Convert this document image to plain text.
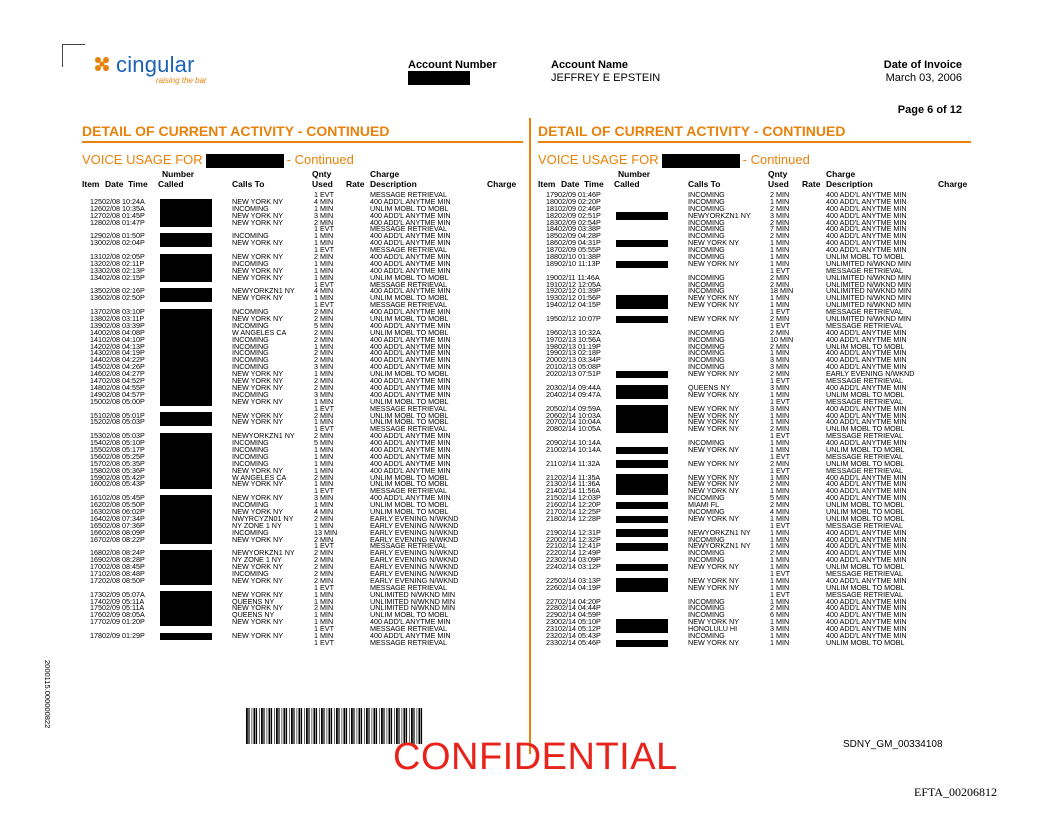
cingular
raising the bar
Account Number	Account Name
JEFFREY E EPSTEIN
Date of Invoice
March 03, 2006
Page 6 of 12
DETAIL OF CURRENT ACTIVITY - CONTINUED	DETAIL OF CURRENT ACTIVITY - CONTINUED
VOICE USAGE FOR	- Continued	VOICE USAGE FOR	- Continued
Number	Qnty	Charge
Item Date Time Called	Calls To	Used Rate Description	Charge
Number	Qnty	Charge
Item Date Time Called	Calls To	Used Rate Description	Charge
1 EVT	MESSAGE RETRIEVAL
125 02/08 10:24A	NEW YORK NY	4 MIN	400 ADD'L ANYTME MIN
126 02/08 10:35A	INCOMING	1 MIN	UNLIM MOBL TO MOBL
127 02/08 01:45P	NEW YORK NY	3 MIN	400 ADD'L ANYTME MIN
128 02/08 01:47P	NEW YORK NY	2 MIN	400 ADD'L ANYTME MIN
1 EVT	MESSAGE RETRIEVAL
129 02/08 01:50P	INCOMING	1 MIN	400 ADD'L ANYTME MIN
130 02/08 02:04P	NEW YORK NY	1 MIN	400 ADD'L ANYTME MIN
1 EVT	MESSAGE RETRIEVAL
131 02/08 02:05P	NEW YORK NY	2 MIN	400 ADD'L ANYTME MIN
132 02/08 02:11P	INCOMING	1 MIN	400 ADD'L ANYTME MIN
133 02/08 02:13P	NEW YORK NY	1 MIN	400 ADD'L ANYTME MIN
134 02/08 02:15P	NEW YORK NY	1 MIN	UNLIM MOBL TO MOBL
1 EVT	MESSAGE RETRIEVAL
135 02/08 02:16P	NEWYORKZN1 NY	4 MIN	400 ADD'L ANYTME MIN
136 02/08 02:50P	NEW YORK NY	1 MIN	UNLIM MOBL TO MOBL
1 EVT	MESSAGE RETRIEVAL
137 02/08 03:10P	INCOMING	2 MIN	400 ADD'L ANYTME MIN
138 02/08 03:11P	NEW YORK NY	2 MIN	UNLIM MOBL TO MOBL
139 02/08 03:39P	INCOMING	5 MIN	400 ADD'L ANYTME MIN
140 02/08 04:08P	W ANGELES CA	2 MIN	UNLIM MOBL TO MOBL
141 02/08 04:10P	INCOMING	2 MIN	400 ADD'L ANYTME MIN
142 02/08 04:13P	INCOMING	1 MIN	400 ADD'L ANYTME MIN
143 02/08 04:19P	INCOMING	2 MIN	400 ADD'L ANYTME MIN
144 02/08 04:22P	INCOMING	2 MIN	400 ADD'L ANYTME MIN
145 02/08 04:26P	INCOMING	3 MIN	400 ADD'L ANYTME MIN
146 02/08 04:27P	NEW YORK NY	1 MIN	UNLIM MOBL TO MOBL
147 02/08 04:52P	NEW YORK NY	2 MIN	400 ADD'L ANYTME MIN
148 02/08 04:55P	NEW YORK NY	2 MIN	400 ADD'L ANYTME MIN
149 02/08 04:57P	INCOMING	3 MIN	400 ADD'L ANYTME MIN
150 02/08 05:00P	NEW YORK NY	1 MIN	UNLIM MOBL TO MOBL
1 EVT	MESSAGE RETRIEVAL
151 02/08 05:01P	NEW YORK NY	2 MIN	UNLIM MOBL TO MOBL
152 02/08 05:03P	NEW YORK NY	1 MIN	UNLIM MOBL TO MOBL
1 EVT	MESSAGE RETRIEVAL
153 02/08 05:03P	NEWYORKZN1 NY	2 MIN	400 ADD'L ANYTME MIN
154 02/08 05:10P	INCOMING	5 MIN	400 ADD'L ANYTME MIN
155 02/08 05:17P	INCOMING	1 MIN	400 ADD'L ANYTME MIN
156 02/08 05:25P	INCOMING	1 MIN	400 ADD'L ANYTME MIN
157 02/08 05:35P	INCOMING	1 MIN	400 ADD'L ANYTME MIN
158 02/08 05:36P	NEW YORK NY	1 MIN	400 ADD'L ANYTME MIN
159 02/08 05:42P	W ANGELES CA	2 MIN	UNLIM MOBL TO MOBL
160 02/08 05:43P	NEW YORK NY	1 MIN	UNLIM MOBL TO MOBL
1 EVT	MESSAGE RETRIEVAL
161 02/08 05:45P	NEW YORK NY	3 MIN	400 ADD'L ANYTME MIN
162 02/08 05:50P	INCOMING	1 MIN	UNLIM MOBL TO MOBL
163 02/08 06:02P	NEW YORK NY	4 MIN	UNLIM MOBL TO MOBL
164 02/08 07:34P	NWYRCYZN01 NY	2 MIN	EARLY EVENING N/WKND
165 02/08 07:36P	NY ZONE 1 NY	1 MIN	EARLY EVENING N/WKND
166 02/08 08:09P	INCOMING	13 MIN	EARLY EVENING N/WKND
167 02/08 08:22P	NEW YORK NY	2 MIN	EARLY EVENING N/WKND
1 EVT	MESSAGE RETRIEVAL
168 02/08 08:24P	NEWYORKZN1 NY	2 MIN	EARLY EVENING N/WKND
169 02/08 08:28P	NY ZONE 1 NY	2 MIN	EARLY EVENING N/WKND
170 02/08 08:45P	NEW YORK NY	2 MIN	EARLY EVENING N/WKND
171 02/08 08:48P	INCOMING	2 MIN	EARLY EVENING N/WKND
172 02/08 08:50P	NEW YORK NY	2 MIN	EARLY EVENING N/WKND
1 EVT	MESSAGE RETRIEVAL
173 02/09 05:07A	NEW YORK NY	1 MIN	UNLIMITED N/WKND MIN
174 02/09 05:11A	QUEENS NY	1 MIN	UNLIMITED N/WKND MIN
175 02/09 05:11A	NEW YORK NY	2 MIN	UNLIMITED N/WKND MIN
176 02/09 08:05A	QUEENS NY	1 MIN	UNLIM MOBL TO MOBL
177 02/09 01:20P	NEW YORK NY	1 MIN	400 ADD'L ANYTME MIN
1 EVT	MESSAGE RETRIEVAL
178 02/09 01:29P	NEW YORK NY	1 MIN	400 ADD'L ANYTME MIN
1 EVT	MESSAGE RETRIEVAL
179 02/09 01:46P	INCOMING	2 MIN	400 ADD'L ANYTME MIN
180 02/09 02:20P	INCOMING	1 MIN	400 ADD'L ANYTME MIN
181 02/09 02:46P	INCOMING	2 MIN	400 ADD'L ANYTME MIN
182 02/09 02:51P	NEWYORKZN1 NY	3 MIN	400 ADD'L ANYTME MIN
183 02/09 02:54P	INCOMING	2 MIN	400 ADD'L ANYTME MIN
184 02/09 03:38P	INCOMING	7 MIN	400 ADD'L ANYTME MIN
185 02/09 04:28P	INCOMING	2 MIN	400 ADD'L ANYTME MIN
186 02/09 04:31P	NEW YORK NY	1 MIN	400 ADD'L ANYTME MIN
187 02/09 05:55P	INCOMING	1 MIN	400 ADD'L ANYTME MIN
188 02/10 01:38P	INCOMING	1 MIN	UNLIM MOBL TO MOBL
189 02/10 11:13P	NEW YORK NY	1 MIN	UNLIMITED N/WKND MIN
1 EVT	MESSAGE RETRIEVAL
190 02/11 11:46A	INCOMING	2 MIN	UNLIMITED N/WKND MIN
191 02/12 12:05A	INCOMING	2 MIN	UNLIMITED N/WKND MIN
192 02/12 01:39P	INCOMING	18 MIN	UNLIMITED N/WKND MIN
193 02/12 01:56P	NEW YORK NY	1 MIN	UNLIMITED N/WKND MIN
194 02/12 04:15P	NEW YORK NY	1 MIN	UNLIMITED N/WKND MIN
1 EVT	MESSAGE RETRIEVAL
195 02/12 10:07P	NEW YORK NY	2 MIN	UNLIMITED N/WKND MIN
1 EVT	MESSAGE RETRIEVAL
196 02/13 10:32A	INCOMING	2 MIN	400 ADD'L ANYTME MIN
197 02/13 10:56A	INCOMING	10 MIN	400 ADD'L ANYTME MIN
198 02/13 01:19P	INCOMING	2 MIN	UNLIM MOBL TO MOBL
199 02/13 02:18P	INCOMING	1 MIN	400 ADD'L ANYTME MIN
200 02/13 03:34P	INCOMING	3 MIN	400 ADD'L ANYTME MIN
201 02/13 05:08P	INCOMING	3 MIN	400 ADD'L ANYTME MIN
202 02/13 07:51P	NEW YORK NY	2 MIN	EARLY EVENING N/WKND
1 EVT	MESSAGE RETRIEVAL
203 02/14 09:44A	QUEENS NY	3 MIN	400 ADD'L ANYTME MIN
204 02/14 09:47A	NEW YORK NY	1 MIN	UNLIM MOBL TO MOBL
1 EVT	MESSAGE RETRIEVAL
205 02/14 09:59A	NEW YORK NY	3 MIN	400 ADD'L ANYTME MIN
206 02/14 10:03A	NEW YORK NY	1 MIN	400 ADD'L ANYTME MIN
207 02/14 10:04A	NEW YORK NY	1 MIN	400 ADD'L ANYTME MIN
208 02/14 10:05A	NEW YORK NY	2 MIN	UNLIM MOBL TO MOBL
1 EVT	MESSAGE RETRIEVAL
209 02/14 10:14A	INCOMING	1 MIN	400 ADD'L ANYTME MIN
210 02/14 10:14A	NEW YORK NY	1 MIN	UNLIM MOBL TO MOBL
1 EVT	MESSAGE RETRIEVAL
211 02/14 11:32A	NEW YORK NY	2 MIN	UNLIM MOBL TO MOBL
1 EVT	MESSAGE RETRIEVAL
212 02/14 11:35A	NEW YORK NY	1 MIN	400 ADD'L ANYTME MIN
213 02/14 11:36A	NEW YORK NY	2 MIN	400 ADD'L ANYTME MIN
214 02/14 11:56A	NEW YORK NY	1 MIN	400 ADD'L ANYTME MIN
215 02/14 12:03P	INCOMING	5 MIN	400 ADD'L ANYTME MIN
216 02/14 12:20P	MIAMI FL	2 MIN	UNLIM MOBL TO MOBL
217 02/14 12:25P	INCOMING	4 MIN	UNLIM MOBL TO MOBL
218 02/14 12:28P	NEW YORK NY	1 MIN	UNLIM MOBL TO MOBL
1 EVT	MESSAGE RETRIEVAL
219 02/14 12:31P	NEWYORKZN1 NY	1 MIN	400 ADD'L ANYTME MIN
220 02/14 12:32P	INCOMING	1 MIN	400 ADD'L ANYTME MIN
221 02/14 12:41P	NEWYORKZN1 NY	1 MIN	400 ADD'L ANYTME MIN
222 02/14 12:49P	INCOMING	2 MIN	400 ADD'L ANYTME MIN
223 02/14 03:09P	INCOMING	1 MIN	400 ADD'L ANYTME MIN
224 02/14 03:12P	NEW YORK NY	1 MIN	UNLIM MOBL TO MOBL
1 EVT	MESSAGE RETRIEVAL
225 02/14 03:13P	NEW YORK NY	1 MIN	400 ADD'L ANYTME MIN
226 02/14 04:19P	NEW YORK NY	1 MIN	UNLIM MOBL TO MOBL
1 EVT	MESSAGE RETRIEVAL
227 02/14 04:20P	INCOMING	1 MIN	400 ADD'L ANYTME MIN
228 02/14 04:44P	INCOMING	2 MIN	400 ADD'L ANYTME MIN
229 02/14 04:59P	INCOMING	6 MIN	400 ADD'L ANYTME MIN
230 02/14 05:10P	NEW YORK NY	1 MIN	400 ADD'L ANYTME MIN
231 02/14 05:12P	HONOLULU HI	3 MIN	400 ADD'L ANYTME MIN
232 02/14 05:43P	INCOMING	1 MIN	400 ADD'L ANYTME MIN
233 02/14 05:46P	NEW YORK NY	1 MIN	UNLIM MOBL TO MOBL
2000115.000000822
CONFIDENTIAL	SDNY_GM_00334108
EFTA_00206812
